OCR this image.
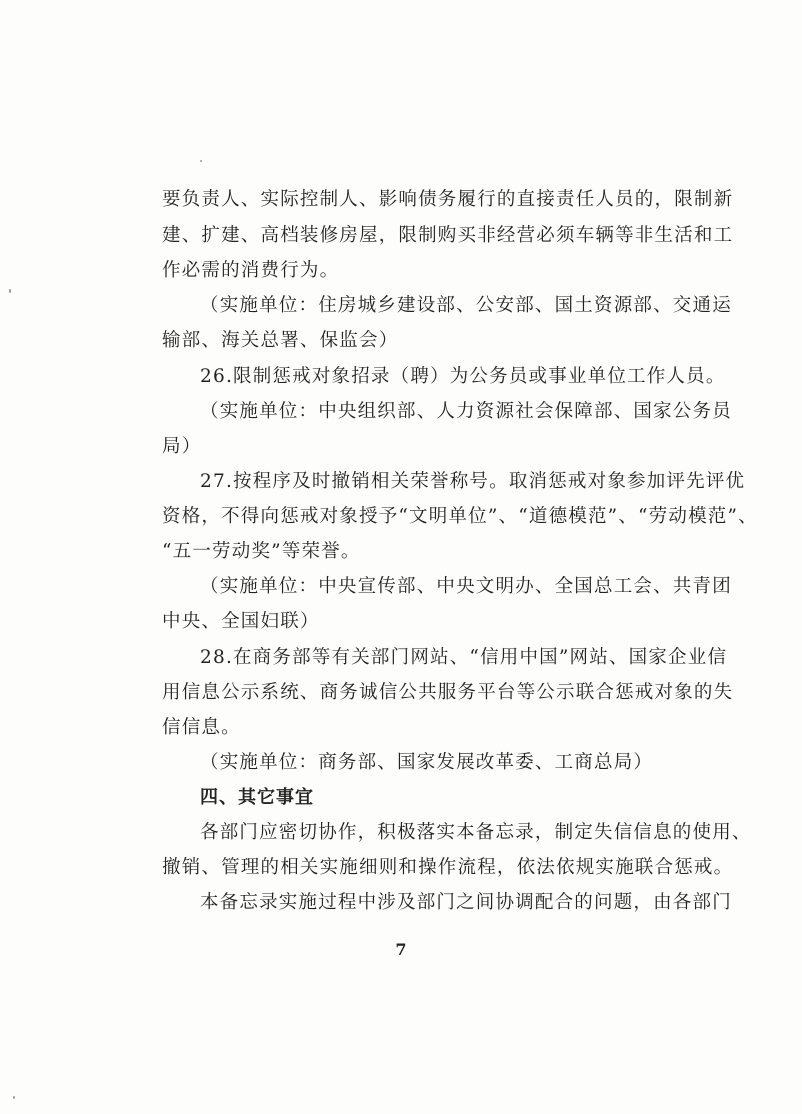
要负责人、实际控制人、影响债务履行的直接责任人员的，限制新
建、扩建、高档装修房屋，限制购买非经营必须车辆等非生活和工
作必需的消费行为。
（实施单位：住房城乡建设部、公安部、国土资源部、交通运
输部、海关总署、保监会）
26.限制惩戒对象招录（聘）为公务员或事业单位工作人员。
（实施单位：中央组织部、人力资源社会保障部、国家公务员
局）
27.按程序及时撤销相关荣誉称号。取消惩戒对象参加评先评优
资格，不得向惩戒对象授予“文明单位”、“道德模范”、“劳动模范”、
“五一劳动奖”等荣誉。
（实施单位：中央宣传部、中央文明办、全国总工会、共青团
中央、全国妇联）
28.在商务部等有关部门网站、“信用中国”网站、国家企业信
用信息公示系统、商务诚信公共服务平台等公示联合惩戒对象的失
信信息。
（实施单位：商务部、国家发展改革委、工商总局）
四、其它事宜
各部门应密切协作，积极落实本备忘录，制定失信信息的使用、
撤销、管理的相关实施细则和操作流程，依法依规实施联合惩戒。
本备忘录实施过程中涉及部门之间协调配合的问题，由各部门
7
